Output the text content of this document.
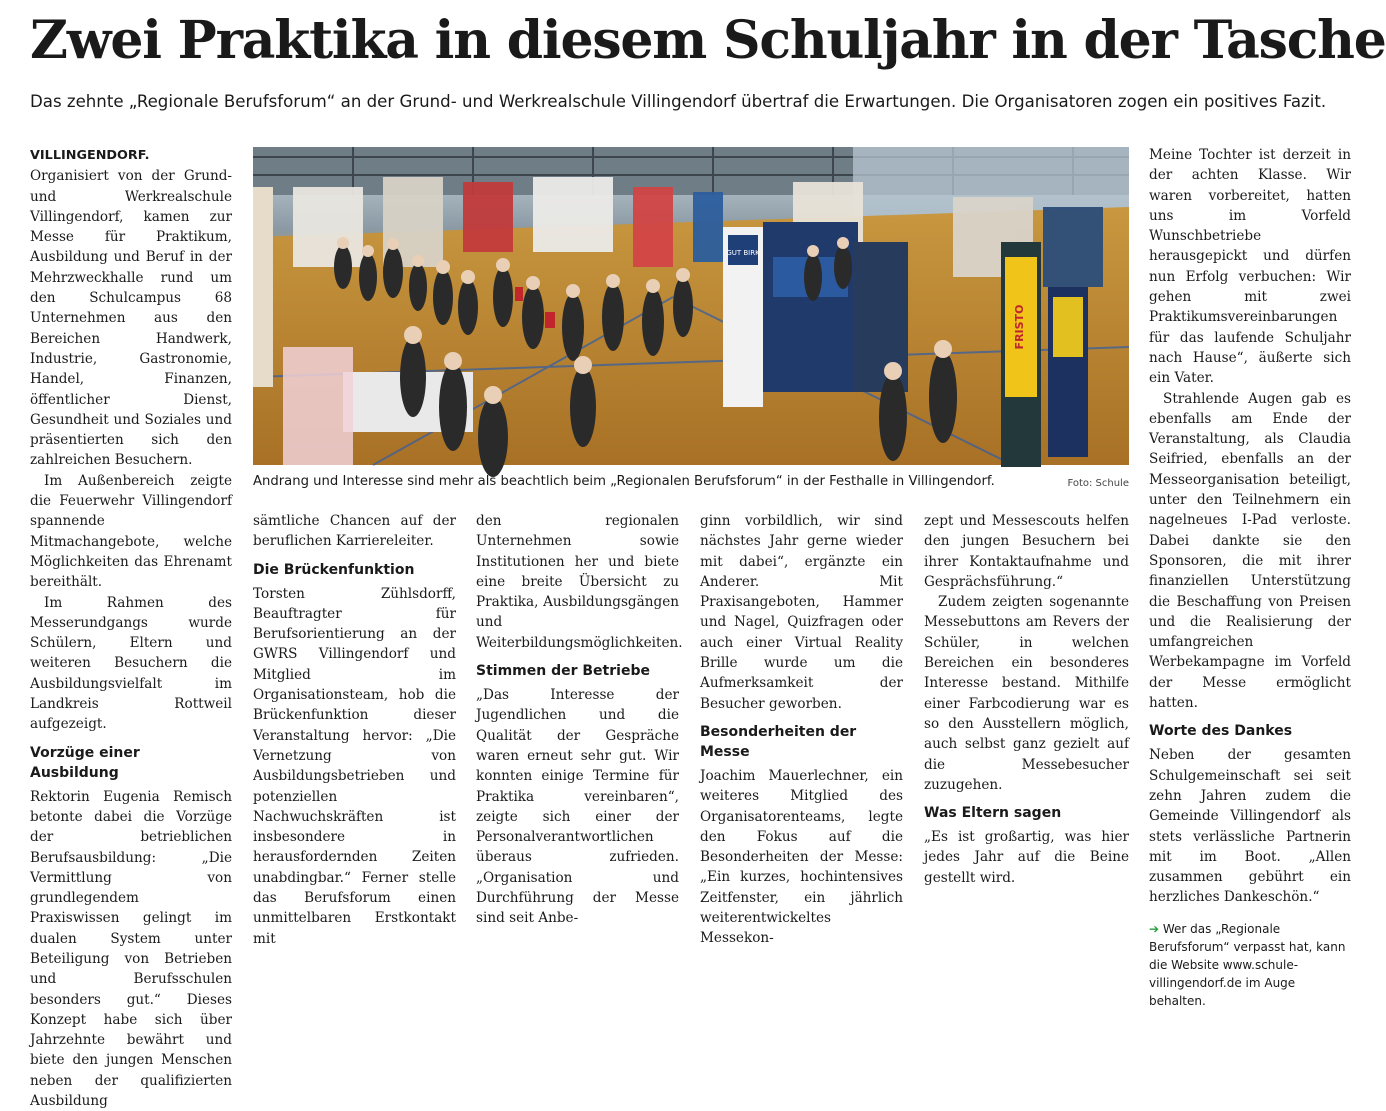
Zwei Praktika in diesem Schuljahr in der Tasche

Das zehnte „Regionale Berufsforum“ an der Grund- und Werkrealschule Villingendorf übertraf die Erwartungen. Die Organisatoren zogen ein positives Fazit.

VILLINGENDORF. Organisiert von der Grund- und Werkrealschule Villingendorf, kamen zur Messe für Praktikum, Ausbildung und Beruf in der Mehrzweckhalle rund um den Schulcampus 68 Unternehmen aus den Bereichen Handwerk, Industrie, Gastronomie, Handel, Finanzen, öffentlicher Dienst, Gesundheit und Soziales und präsentierten sich den zahlreichen Besuchern.

Im Außenbereich zeigte die Feuerwehr Villingendorf spannende Mitmachangebote, welche Möglichkeiten das Ehrenamt bereithält.

Im Rahmen des Messerundgangs wurde Schülern, Eltern und weiteren Besuchern die Ausbildungsvielfalt im Landkreis Rottweil aufgezeigt.

Vorzüge einer Ausbildung

Rektorin Eugenia Remisch betonte dabei die Vorzüge der betrieblichen Berufsausbildung: „Die Vermittlung von grundlegendem Praxiswissen gelingt im dualen System unter Beteiligung von Betrieben und Berufsschulen besonders gut.“ Dieses Konzept habe sich über Jahrzehnte bewährt und biete den jungen Menschen neben der qualifizierten Ausbildung

GUT BIRK
FRISTO
Andrang und Interesse sind mehr als beachtlich beim „Regionalen Berufsforum“ in der Festhalle in Villingendorf.	Foto: Schule

sämtliche Chancen auf der beruflichen Karriereleiter.

Die Brückenfunktion

Torsten Zühlsdorff, Beauftragter für Berufsorientierung an der GWRS Villingendorf und Mitglied im Organisationsteam, hob die Brückenfunktion dieser Veranstaltung hervor: „Die Vernetzung von Ausbildungsbetrieben und potenziellen Nachwuchskräften ist insbesondere in herausfordernden Zeiten unabdingbar.“ Ferner stelle das Berufsforum einen unmittelbaren Erstkontakt mit

den regionalen Unternehmen sowie Institutionen her und biete eine breite Übersicht zu Praktika, Ausbildungsgängen und Weiterbildungsmöglichkeiten.

Stimmen der Betriebe

„Das Interesse der Jugendlichen und die Qualität der Gespräche waren erneut sehr gut. Wir konnten einige Termine für Praktika vereinbaren“, zeigte sich einer der Personalverantwortlichen überaus zufrieden. „Organisation und Durchführung der Messe sind seit Anbe-

ginn vorbildlich, wir sind nächstes Jahr gerne wieder mit dabei“, ergänzte ein Anderer. Mit Praxisangeboten, Hammer und Nagel, Quizfragen oder auch einer Virtual Reality Brille wurde um die Aufmerksamkeit der Besucher geworben.

Besonderheiten der Messe

Joachim Mauerlechner, ein weiteres Mitglied des Organisatorenteams, legte den Fokus auf die Besonderheiten der Messe: „Ein kurzes, hochintensives Zeitfenster, ein jährlich weiterentwickeltes Messekon-

zept und Messescouts helfen den jungen Besuchern bei ihrer Kontaktaufnahme und Gesprächsführung.“

Zudem zeigten sogenannte Messebuttons am Revers der Schüler, in welchen Bereichen ein besonderes Interesse bestand. Mithilfe einer Farbcodierung war es so den Ausstellern möglich, auch selbst ganz gezielt auf die Messebesucher zuzugehen.

Was Eltern sagen

„Es ist großartig, was hier jedes Jahr auf die Beine gestellt wird.

Meine Tochter ist derzeit in der achten Klasse. Wir waren vorbereitet, hatten uns im Vorfeld Wunschbetriebe herausgepickt und dürfen nun Erfolg verbuchen: Wir gehen mit zwei Praktikumsvereinbarungen für das laufende Schuljahr nach Hause“, äußerte sich ein Vater.

Strahlende Augen gab es ebenfalls am Ende der Veranstaltung, als Claudia Seifried, ebenfalls an der Messeorganisation beteiligt, unter den Teilnehmern ein nagelneues I-Pad verloste. Dabei dankte sie den Sponsoren, die mit ihrer finanziellen Unterstützung die Beschaffung von Preisen und die Realisierung der umfangreichen Werbekampagne im Vorfeld der Messe ermöglicht hatten.

Worte des Dankes

Neben der gesamten Schulgemeinschaft sei seit zehn Jahren zudem die Gemeinde Villingendorf als stets verlässliche Partnerin mit im Boot. „Allen zusammen gebührt ein herzliches Dankeschön.“

➔ Wer das „Regionale Berufsforum“ verpasst hat, kann die Website www.schule-villingendorf.de im Auge behalten.
